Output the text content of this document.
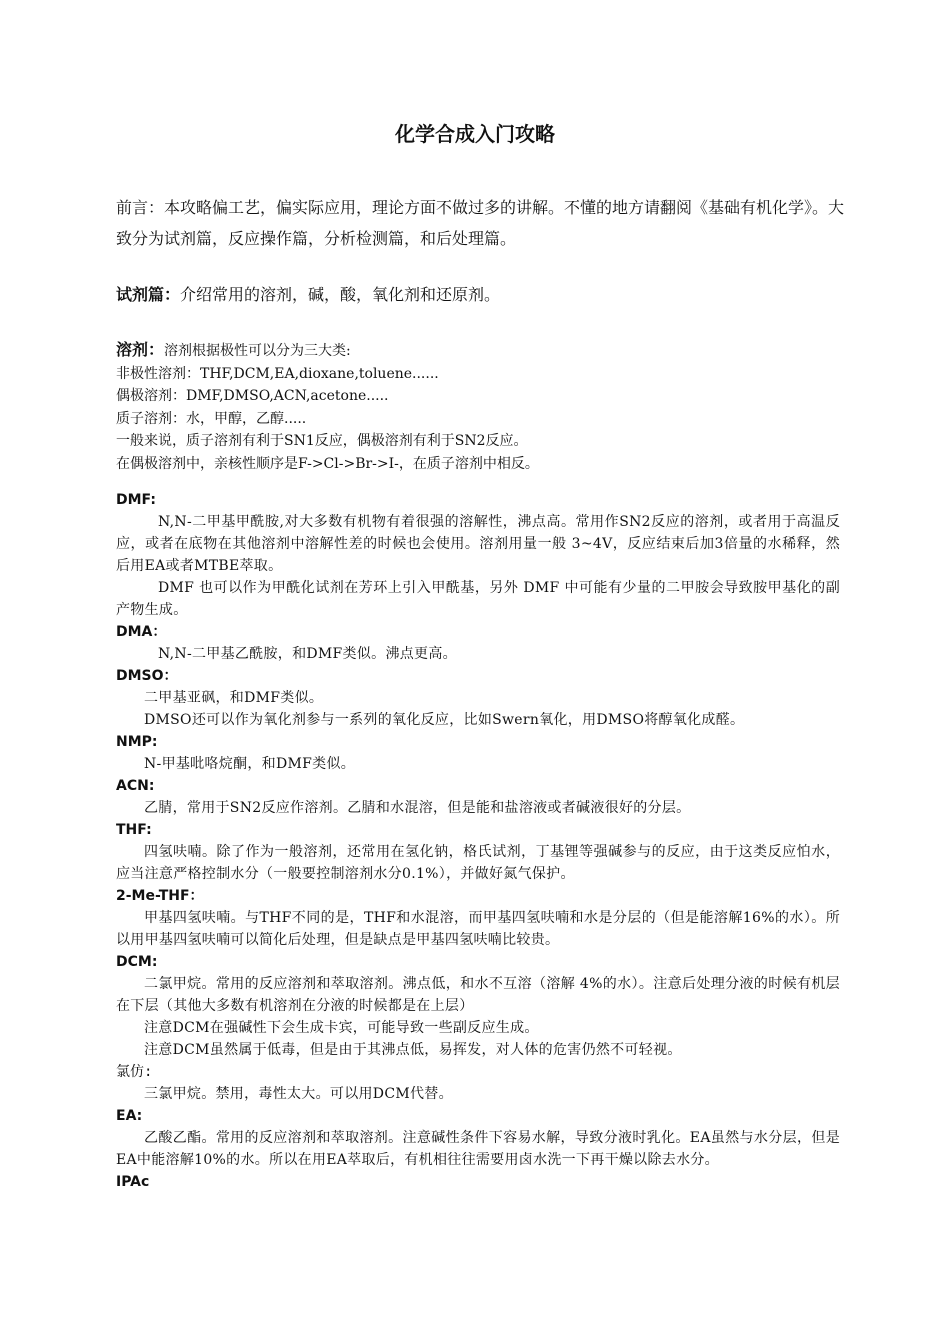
化学合成入门攻略
前言：本攻略偏工艺，偏实际应用，理论方面不做过多的讲解。不懂的地方请翻阅《基础有机化学》。大致分为试剂篇，反应操作篇，分析检测篇，和后处理篇。
试剂篇：介绍常用的溶剂，碱，酸，氧化剂和还原剂。
溶剂：溶剂根据极性可以分为三大类:
非极性溶剂：THF,DCM,EA,dioxane,toluene......
偶极溶剂：DMF,DMSO,ACN,acetone.....
质子溶剂：水，甲醇，乙醇.....
一般来说，质子溶剂有利于SN1反应，偶极溶剂有利于SN2反应。
在偶极溶剂中，亲核性顺序是F->Cl->Br->I-，在质子溶剂中相反。
DMF:
N,N-二甲基甲酰胺,对大多数有机物有着很强的溶解性，沸点高。常用作SN2反应的溶剂，或者用于高温反应，或者在底物在其他溶剂中溶解性差的时候也会使用。溶剂用量一般 3~4V，反应结束后加3倍量的水稀释，然后用EA或者MTBE萃取。
DMF 也可以作为甲酰化试剂在芳环上引入甲酰基，另外 DMF 中可能有少量的二甲胺会导致胺甲基化的副产物生成。
DMA：
N,N-二甲基乙酰胺，和DMF类似。沸点更高。
DMSO：
二甲基亚砜，和DMF类似。
DMSO还可以作为氧化剂参与一系列的氧化反应，比如Swern氧化，用DMSO将醇氧化成醛。
NMP:
N-甲基吡咯烷酮，和DMF类似。
ACN:
乙腈，常用于SN2反应作溶剂。乙腈和水混溶，但是能和盐溶液或者碱液很好的分层。
THF:
四氢呋喃。除了作为一般溶剂，还常用在氢化钠，格氏试剂，丁基锂等强碱参与的反应，由于这类反应怕水，应当注意严格控制水分（一般要控制溶剂水分0.1%），并做好氮气保护。
2-Me-THF：
甲基四氢呋喃。与THF不同的是，THF和水混溶，而甲基四氢呋喃和水是分层的（但是能溶解16%的水）。所以用甲基四氢呋喃可以简化后处理，但是缺点是甲基四氢呋喃比较贵。
DCM:
二氯甲烷。常用的反应溶剂和萃取溶剂。沸点低，和水不互溶（溶解 4%的水）。注意后处理分液的时候有机层在下层（其他大多数有机溶剂在分液的时候都是在上层）
注意DCM在强碱性下会生成卡宾，可能导致一些副反应生成。
注意DCM虽然属于低毒，但是由于其沸点低，易挥发，对人体的危害仍然不可轻视。
氯仿:
三氯甲烷。禁用，毒性太大。可以用DCM代替。
EA:
乙酸乙酯。常用的反应溶剂和萃取溶剂。注意碱性条件下容易水解，导致分液时乳化。EA虽然与水分层，但是EA中能溶解10%的水。所以在用EA萃取后，有机相往往需要用卤水洗一下再干燥以除去水分。
IPAc
